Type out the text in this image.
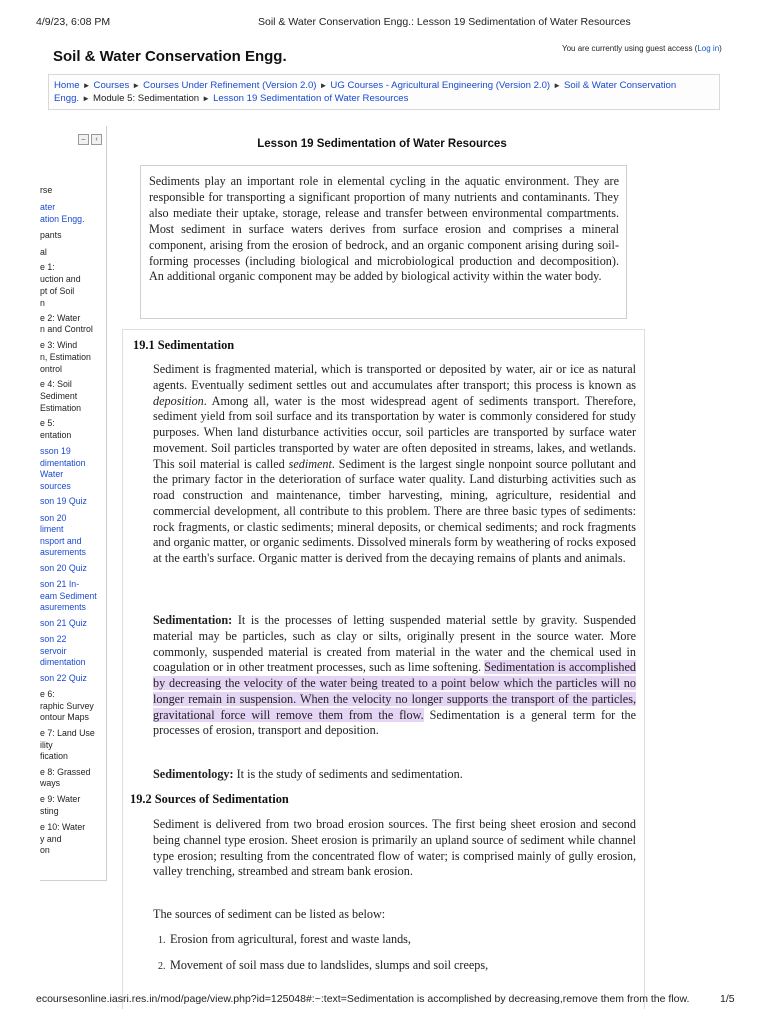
4/9/23, 6:08 PM	Soil & Water Conservation Engg.: Lesson 19 Sedimentation of Water Resources
Soil & Water Conservation Engg.	You are currently using guest access (Log in)
Home ► Courses ► Courses Under Refinement (Version 2.0) ► UG Courses - Agricultural Engineering (Version 2.0) ► Soil & Water Conservation Engg. ► Module 5: Sedimentation ► Lesson 19 Sedimentation of Water Resources
–	‹
rse
ater
ation Engg.
pants
al
e 1:
uction and
pt of Soil
n
e 2: Water
n and Control
e 3: Wind
n, Estimation
ontrol
e 4: Soil
Sediment
Estimation
e 5:
entation
sson 19
dimentation
Water
sources
son 19 Quiz
son 20
liment
nsport and
asurements
son 20 Quiz
son 21 In-
eam Sediment
asurements
son 21 Quiz
son 22
servoir
dimentation
son 22 Quiz
e 6:
raphic Survey
ontour Maps
e 7: Land Use
ility
fication
e 8: Grassed
ways
e 9: Water
sting
e 10: Water
y and
on
Lesson 19 Sedimentation of Water Resources
Sediments play an important role in elemental cycling in the aquatic environment. They are responsible for transporting a significant proportion of many nutrients and contaminants. They also mediate their uptake, storage, release and transfer between environmental compartments. Most sediment in surface waters derives from surface erosion and comprises a mineral component, arising from the erosion of bedrock, and an organic component arising during soil-forming processes (including biological and microbiological production and decomposition). An additional organic component may be added by biological activity within the water body.
19.1 Sedimentation
Sediment is fragmented material, which is transported or deposited by water, air or ice as natural agents. Eventually sediment settles out and accumulates after transport; this process is known as deposition. Among all, water is the most widespread agent of sediments transport. Therefore, sediment yield from soil surface and its transportation by water is commonly considered for study purposes. When land disturbance activities occur, soil particles are transported by surface water movement. Soil particles transported by water are often deposited in streams, lakes, and wetlands. This soil material is called sediment. Sediment is the largest single nonpoint source pollutant and the primary factor in the deterioration of surface water quality. Land disturbing activities such as road construction and maintenance, timber harvesting, mining, agriculture, residential and commercial development, all contribute to this problem. There are three basic types of sediments: rock fragments, or clastic sediments; mineral deposits, or chemical sediments; and rock fragments and organic matter, or organic sediments. Dissolved minerals form by weathering of rocks exposed at the earth's surface. Organic matter is derived from the decaying remains of plants and animals.
Sedimentation: It is the processes of letting suspended material settle by gravity. Suspended material may be particles, such as clay or silts, originally present in the source water. More commonly, suspended material is created from material in the water and the chemical used in coagulation or in other treatment processes, such as lime softening. Sedimentation is accomplished by decreasing the velocity of the water being treated to a point below which the particles will no longer remain in suspension. When the velocity no longer supports the transport of the particles, gravitational force will remove them from the flow. Sedimentation is a general term for the processes of erosion, transport and deposition.
Sedimentology: It is the study of sediments and sedimentation.
19.2 Sources of Sedimentation
Sediment is delivered from two broad erosion sources. The first being sheet erosion and second being channel type erosion. Sheet erosion is primarily an upland source of sediment while channel type erosion; resulting from the concentrated flow of water; is comprised mainly of gully erosion, valley trenching, streambed and stream bank erosion.
The sources of sediment can be listed as below:
1. Erosion from agricultural, forest and waste lands,
2. Movement of soil mass due to landslides, slumps and soil creeps,
ecoursesonline.iasri.res.in/mod/page/view.php?id=125048#:~:text=Sedimentation is accomplished by decreasing,remove them from the flow.	1/5
